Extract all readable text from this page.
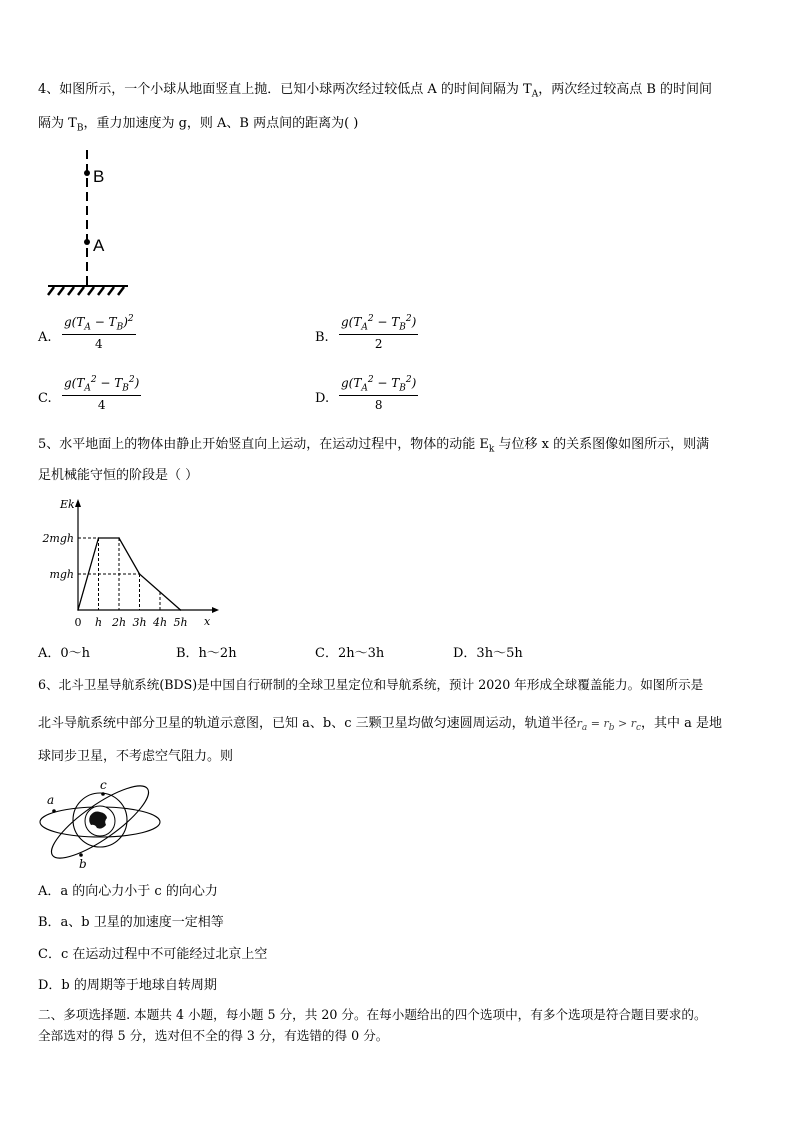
4、如图所示，一个小球从地面竖直上抛．已知小球两次经过较低点 A 的时间间隔为 $T_A$，两次经过较高点 B 的时间间
隔为 $T_B$，重力加速度为 g，则 A、B 两点间的距离为( )
B
A
A. $\frac{g(T_A - T_B)^2}{4}$	B. $\frac{g(T_A^2 - T_B^2)}{2}$
C. $\frac{g(T_A^2 - T_B^2)}{4}$	D. $\frac{g(T_A^2 - T_B^2)}{8}$
5、水平地面上的物体由静止开始竖直向上运动，在运动过程中，物体的动能 $E_k$ 与位移 x 的关系图像如图所示，则满
足机械能守恒的阶段是（ ）
Ek
x
mgh
2mgh
0 h 2h 3h 4h 5h
A．0～h	B．h～2h	C．2h～3h	D．3h～5h
6、北斗卫星导航系统(BDS)是中国自行研制的全球卫星定位和导航系统，预计 2020 年形成全球覆盖能力。如图所示是
北斗导航系统中部分卫星的轨道示意图，已知 a、b、c 三颗卫星均做匀速圆周运动，轨道半径$r_a = r_b > r_c$，其中 a 是地
球同步卫星，不考虑空气阻力。则
a
b
c
A．a 的向心力小于 c 的向心力
B．a、b 卫星的加速度一定相等
C．c 在运动过程中不可能经过北京上空
D．b 的周期等于地球自转周期
二、多项选择题. 本题共 4 小题，每小题 5 分，共 20 分。在每小题给出的四个选项中，有多个选项是符合题目要求的。
全部选对的得 5 分，选对但不全的得 3 分，有选错的得 0 分。
